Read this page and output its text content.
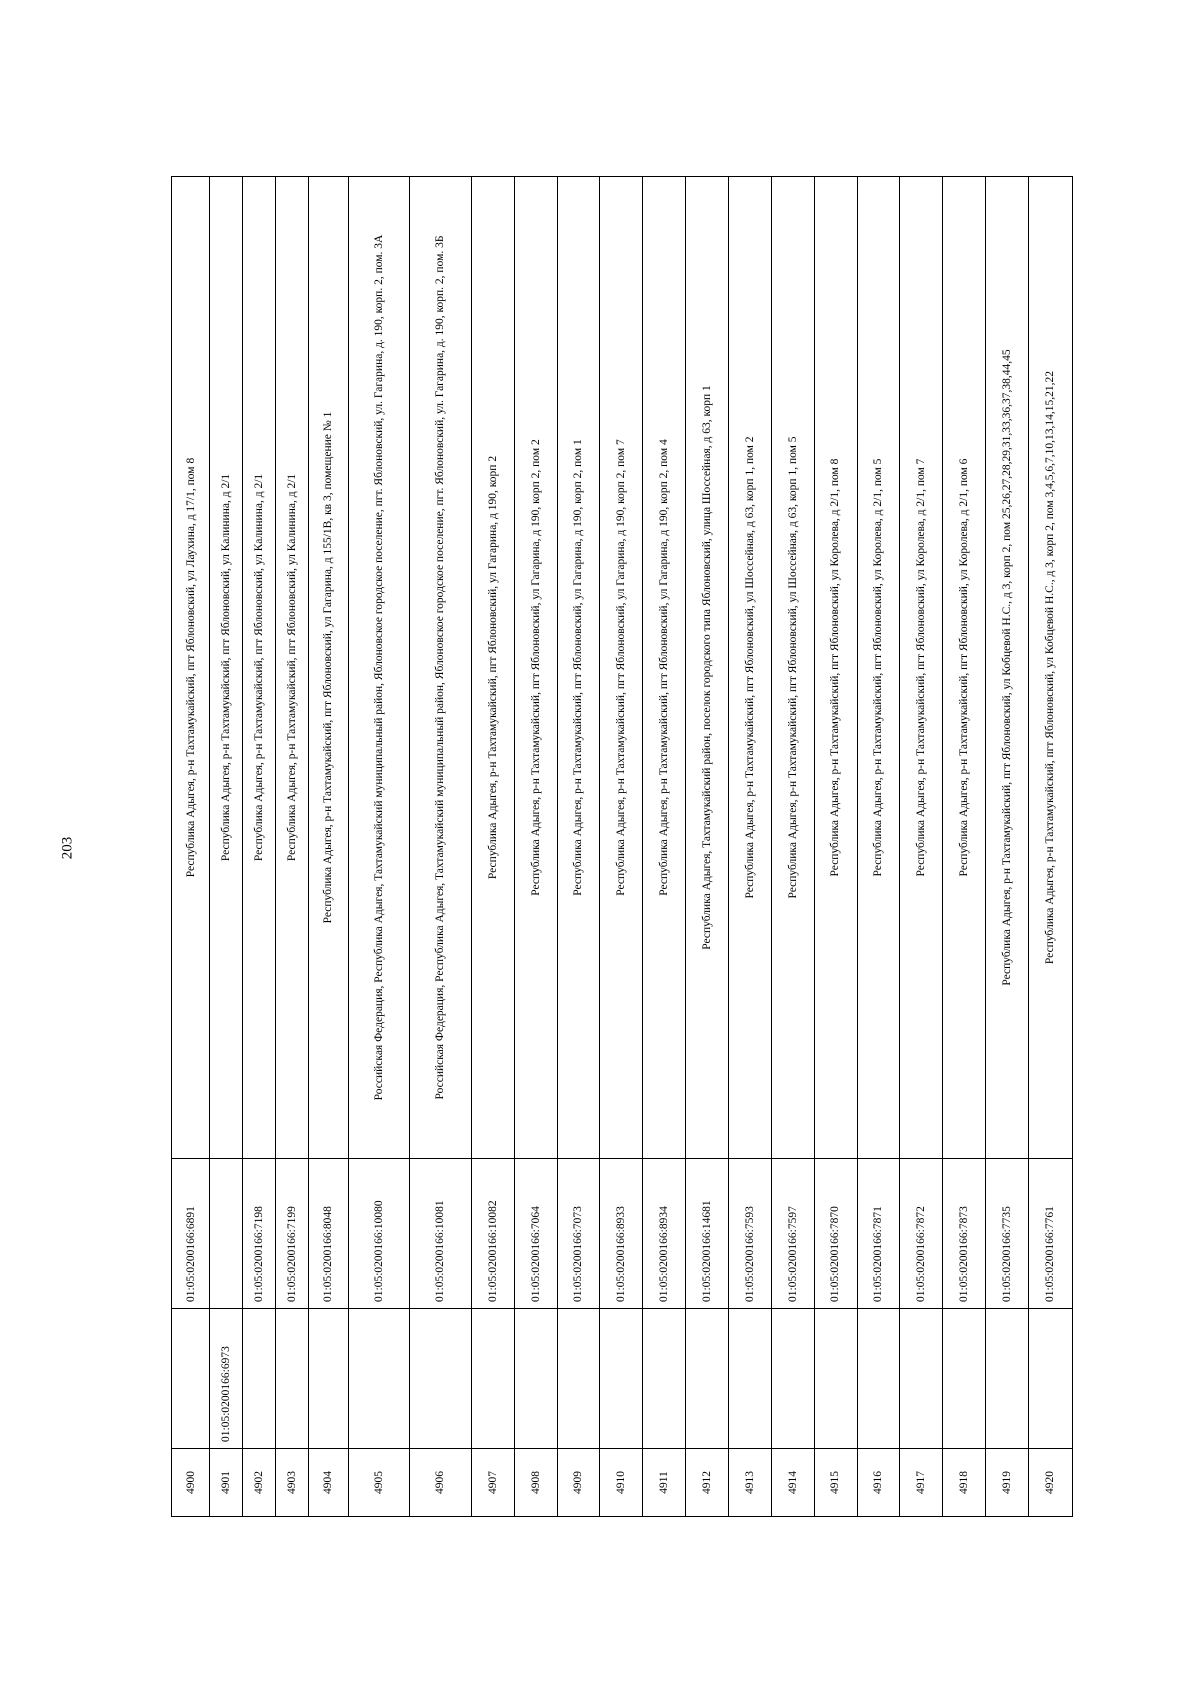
203
4900		01:05:0200166:6891	Республика Адыгея, р-н Тахтамукайский, пгт Яблоновский, ул Лаухина, д 17/1, пом 8
4901	01:05:0200166:6973		Республика Адыгея, р-н Тахтамукайский, пгт Яблоновский, ул Калинина, д 2/1
4902		01:05:0200166:7198	Республика Адыгея, р-н Тахтамукайский, пгт Яблоновский, ул Калинина, д 2/1
4903		01:05:0200166:7199	Республика Адыгея, р-н Тахтамукайский, пгт Яблоновский, ул Калинина, д 2/1
4904		01:05:0200166:8048	Республика Адыгея, р-н Тахтамукайский, пгт Яблоновский, ул Гагарина, д 155/1В, кв 3, помещение № 1
4905		01:05:0200166:10080	Российская Федерация, Республика Адыгея, Тахтамукайский муниципальный район, Яблоновское городское поселение, пгт. Яблоновский, ул. Гагарина, д. 190, корп. 2, пом. 3А
4906		01:05:0200166:10081	Российская Федерация, Республика Адыгея, Тахтамукайский муниципальный район, Яблоновское городское поселение, пгт. Яблоновский, ул. Гагарина, д. 190, корп. 2, пом. 3Б
4907		01:05:0200166:10082	Республика Адыгея, р-н Тахтамукайский, пгт Яблоновский, ул Гагарина, д 190, корп 2
4908		01:05:0200166:7064	Республика Адыгея, р-н Тахтамукайский, пгт Яблоновский, ул Гагарина, д 190, корп 2, пом 2
4909		01:05:0200166:7073	Республика Адыгея, р-н Тахтамукайский, пгт Яблоновский, ул Гагарина, д 190, корп 2, пом 1
4910		01:05:0200166:8933	Республика Адыгея, р-н Тахтамукайский, пгт Яблоновский, ул Гагарина, д 190, корп 2, пом 7
4911		01:05:0200166:8934	Республика Адыгея, р-н Тахтамукайский, пгт Яблоновский, ул Гагарина, д 190, корп 2, пом 4
4912		01:05:0200166:14681	Республика Адыгея, Тахтамукайский район, поселок городского типа Яблоновский, улица Шоссейная, д 63, корп 1
4913		01:05:0200166:7593	Республика Адыгея, р-н Тахтамукайский, пгт Яблоновский, ул Шоссейная, д 63, корп 1, пом 2
4914		01:05:0200166:7597	Республика Адыгея, р-н Тахтамукайский, пгт Яблоновский, ул Шоссейная, д 63, корп 1, пом 5
4915		01:05:0200166:7870	Республика Адыгея, р-н Тахтамукайский, пгт Яблоновский, ул Королева, д 2/1, пом 8
4916		01:05:0200166:7871	Республика Адыгея, р-н Тахтамукайский, пгт Яблоновский, ул Королева, д 2/1, пом 5
4917		01:05:0200166:7872	Республика Адыгея, р-н Тахтамукайский, пгт Яблоновский, ул Королева, д 2/1, пом 7
4918		01:05:0200166:7873	Республика Адыгея, р-н Тахтамукайский, пгт Яблоновский, ул Королева, д 2/1, пом 6
4919		01:05:0200166:7735	Республика Адыгея, р-н Тахтамукайский, пгт Яблоновский, ул Кобцевой Н.С., д 3, корп 2, пом 25,26,27,28,29,31,33,36,37,38,44,45
4920		01:05:0200166:7761	Республика Адыгея, р-н Тахтамукайский, пгт Яблоновский, ул Кобцевой Н.С., д 3, корп 2, пом 3,4,5,6,7,10,13,14,15,21,22
